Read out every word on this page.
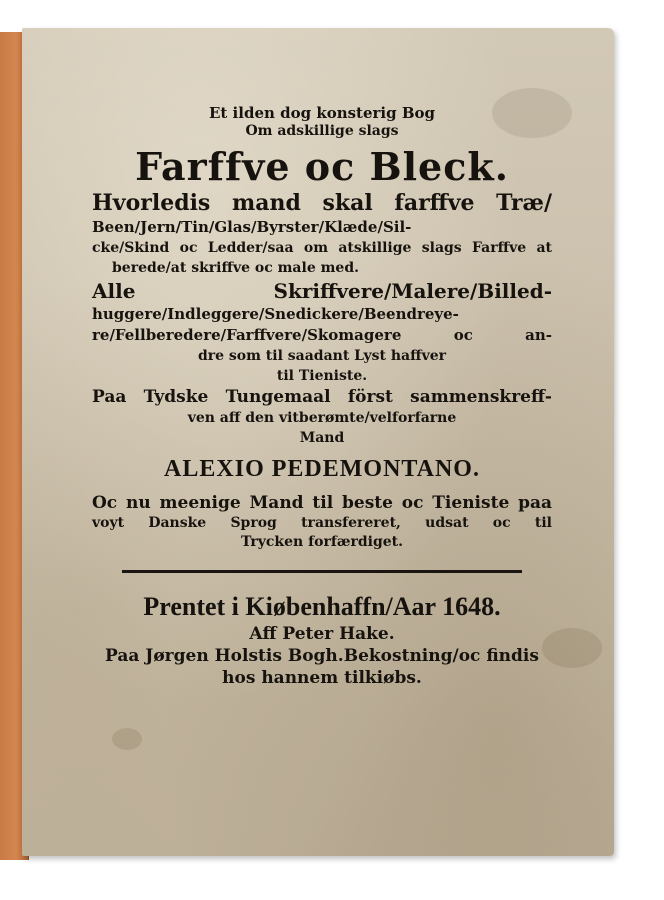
Et ilden dog konsterig Bog
Om adskillige slags
Farffve oc Bleck.
Hvorledis mand skal farffve Træ/
Been/Jern/Tin/Glas/Byrster/Klæde/Sil-
cke/Skind oc Ledder/saa om atskillige slags Farffve at
berede/at skriffve oc male med.
Alle Skriffvere/Malere/Billed-
huggere/Indleggere/Snedickere/Beendreye-
re/Fellberedere/Farffvere/Skomagere oc an-
dre som til saadant Lyst haffver
til Tieniste.
Paa Tydske Tungemaal först sammenskreff-
ven aff den vitberømte/velforfarne
Mand
ALEXIO PEDEMONTANO.
Oc nu meenige Mand til beste oc Tieniste paa
voyt Danske Sprog transfereret, udsat oc til
Trycken forfærdiget.
Prentet i Kiøbenhaffn/Aar 1648.
Aff Peter Hake.
Paa Jørgen Holstis Bogh.Bekostning/oc findis
hos hannem tilkiøbs.
